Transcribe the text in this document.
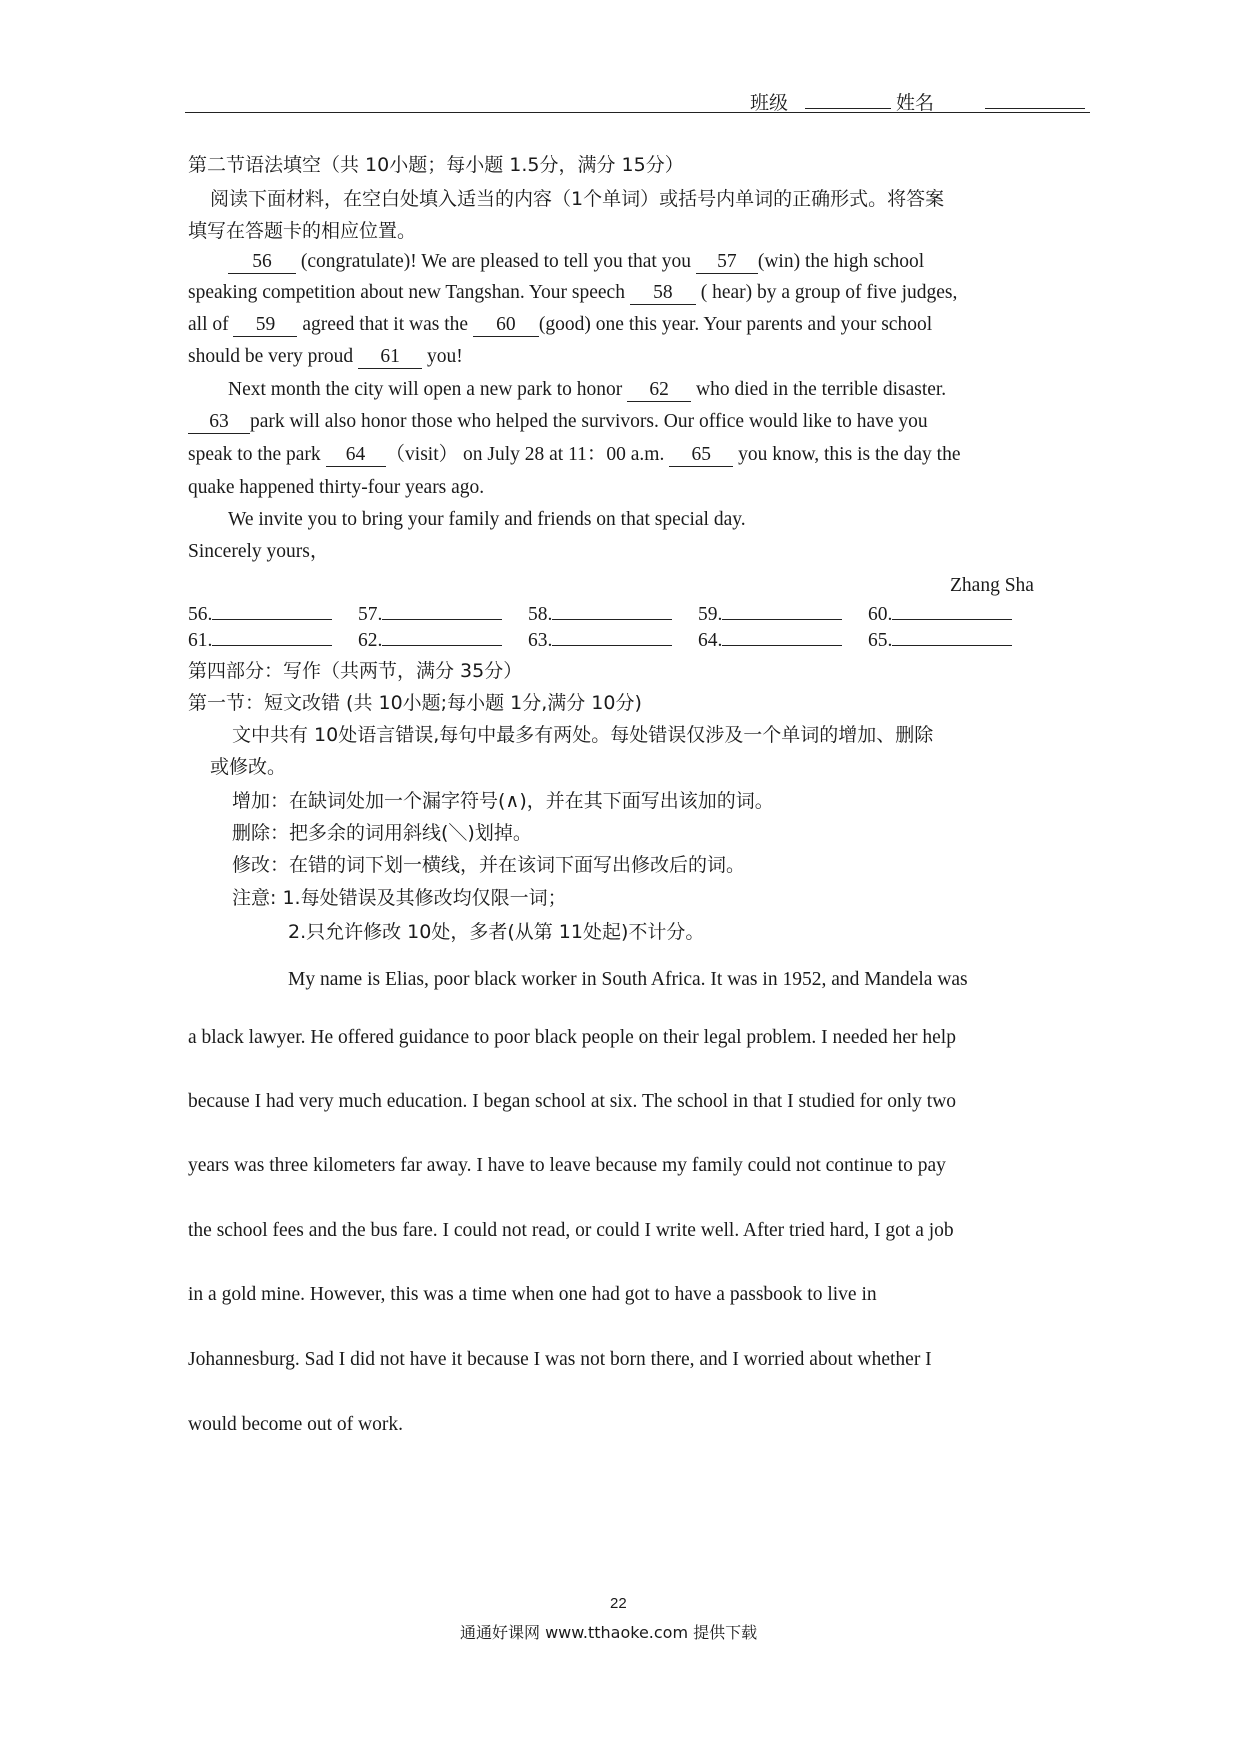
班级	姓名
第二节语法填空（共 10小题；每小题 1.5分，满分 15分）
阅读下面材料，在空白处填入适当的内容（1个单词）或括号内单词的正确形式。将答案
填写在答题卡的相应位置。
56 (congratulate)! We are pleased to tell you that you 57 (win) the high school
speaking competition about new Tangshan. Your speech 58 ( hear) by a group of five judges,
all of 59 agreed that it was the 60 (good) one this year. Your parents and your school
should be very proud 61 you!
Next month the city will open a new park to honor 62 who died in the terrible disaster.
63 park will also honor those who helped the survivors. Our office would like to have you
speak to the park 64 （visit） on July 28 at 11：00 a.m. 65 you know, this is the day the
quake happened thirty-four years ago.
We invite you to bring your family and friends on that special day.
Sincerely yours，
Zhang Sha
56.	57.	58.	59.	60.
61.	62.	63.	64.	65.
第四部分：写作（共两节，满分 35分）
第一节：短文改错 (共 10小题;每小题 1分,满分 10分)
文中共有 10处语言错误,每句中最多有两处。每处错误仅涉及一个单词的增加、删除
或修改。
增加：在缺词处加一个漏字符号(∧)，并在其下面写出该加的词。
删除：把多余的词用斜线(＼)划掉。
修改：在错的词下划一横线，并在该词下面写出修改后的词。
注意: 1.每处错误及其修改均仅限一词；
2.只允许修改 10处，多者(从第 11处起)不计分。
My name is Elias, poor black worker in South Africa. It was in 1952, and Mandela was
a black lawyer. He offered guidance to poor black people on their legal problem. I needed her help
because I had very much education. I began school at six. The school in that I studied for only two
years was three kilometers far away. I have to leave because my family could not continue to pay
the school fees and the bus fare. I could not read, or could I write well. After tried hard, I got a job
in a gold mine. However, this was a time when one had got to have a passbook to live in
Johannesburg. Sad I did not have it because I was not born there, and I worried about whether I
would become out of work.
22
通通好课网 www.tthaoke.com 提供下载
